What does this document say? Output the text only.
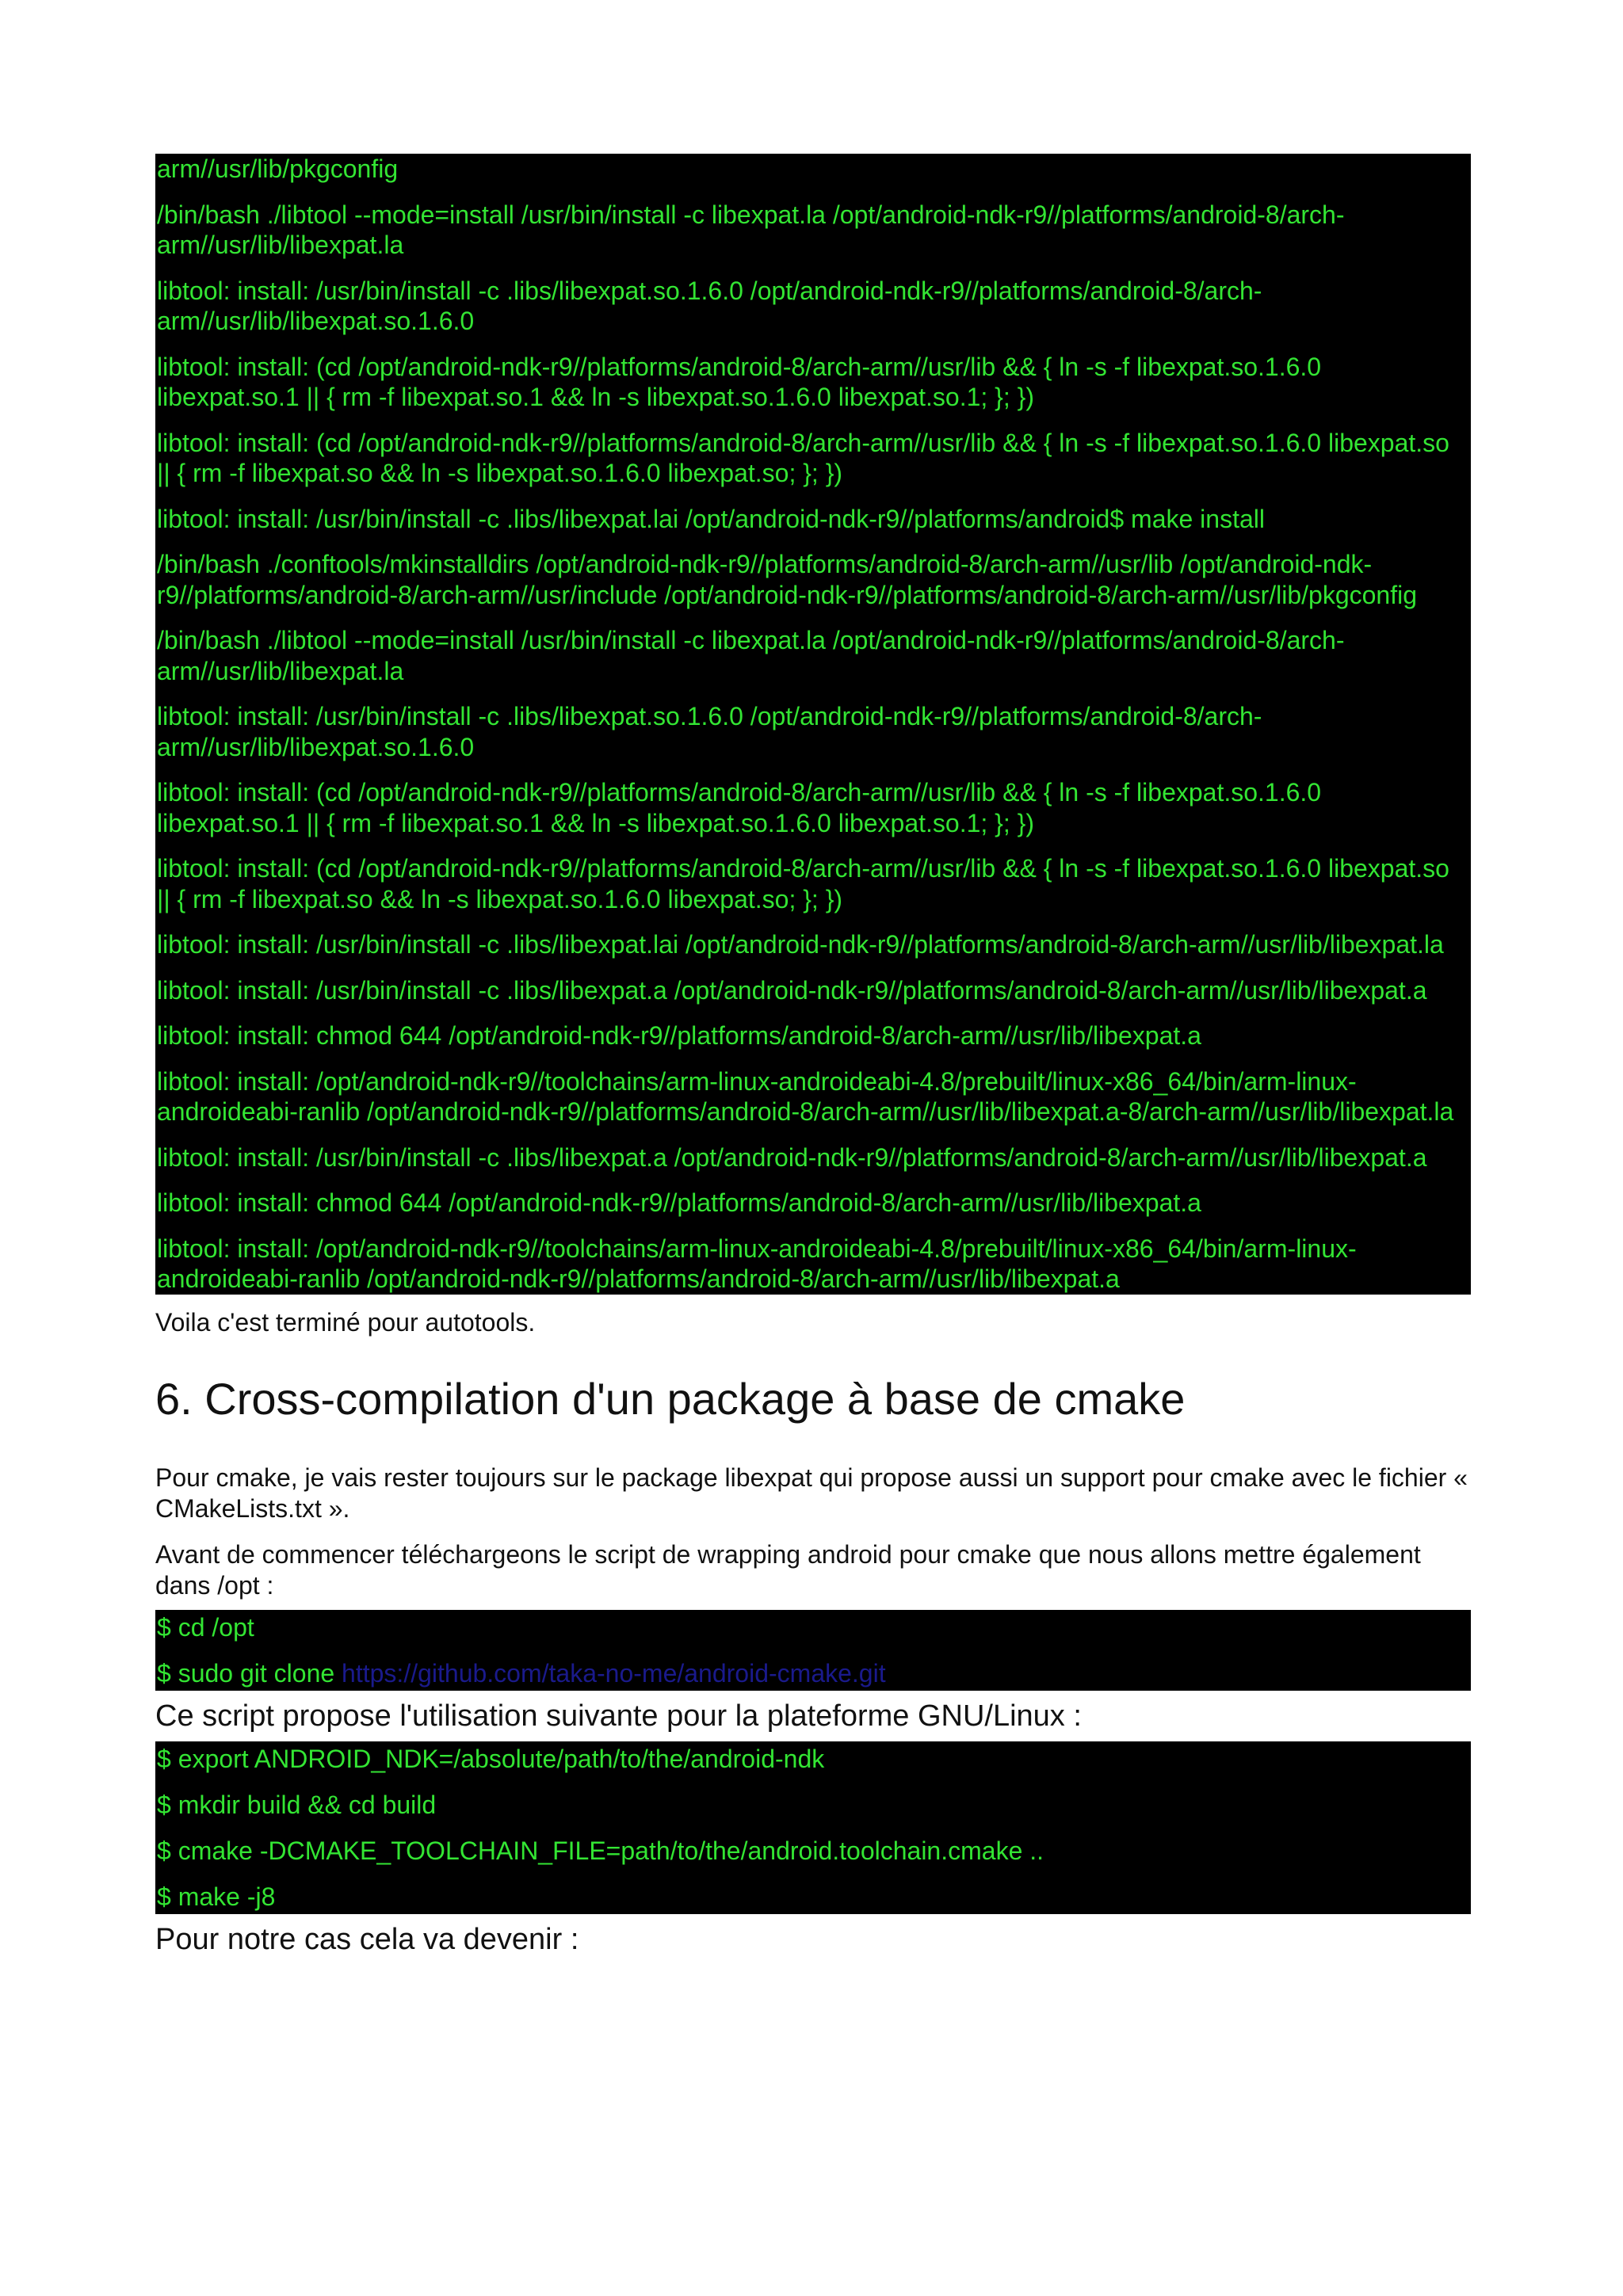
arm//usr/lib/pkgconfig

/bin/bash ./libtool --mode=install /usr/bin/install -c libexpat.la /opt/android-ndk-r9//platforms/android-8/arch-arm//usr/lib/libexpat.la

libtool: install: /usr/bin/install -c .libs/libexpat.so.1.6.0 /opt/android-ndk-r9//platforms/android-8/arch-arm//usr/lib/libexpat.so.1.6.0

libtool: install: (cd /opt/android-ndk-r9//platforms/android-8/arch-arm//usr/lib && { ln -s -f libexpat.so.1.6.0 libexpat.so.1 || { rm -f libexpat.so.1 && ln -s libexpat.so.1.6.0 libexpat.so.1; }; })

libtool: install: (cd /opt/android-ndk-r9//platforms/android-8/arch-arm//usr/lib && { ln -s -f libexpat.so.1.6.0 libexpat.so || { rm -f libexpat.so && ln -s libexpat.so.1.6.0 libexpat.so; }; })

libtool: install: /usr/bin/install -c .libs/libexpat.lai /opt/android-ndk-r9//platforms/android$ make install

/bin/bash ./conftools/mkinstalldirs /opt/android-ndk-r9//platforms/android-8/arch-arm//usr/lib /opt/android-ndk-r9//platforms/android-8/arch-arm//usr/include /opt/android-ndk-r9//platforms/android-8/arch-arm//usr/lib/pkgconfig

/bin/bash ./libtool --mode=install /usr/bin/install -c libexpat.la /opt/android-ndk-r9//platforms/android-8/arch-arm//usr/lib/libexpat.la

libtool: install: /usr/bin/install -c .libs/libexpat.so.1.6.0 /opt/android-ndk-r9//platforms/android-8/arch-arm//usr/lib/libexpat.so.1.6.0

libtool: install: (cd /opt/android-ndk-r9//platforms/android-8/arch-arm//usr/lib && { ln -s -f libexpat.so.1.6.0 libexpat.so.1 || { rm -f libexpat.so.1 && ln -s libexpat.so.1.6.0 libexpat.so.1; }; })

libtool: install: (cd /opt/android-ndk-r9//platforms/android-8/arch-arm//usr/lib && { ln -s -f libexpat.so.1.6.0 libexpat.so || { rm -f libexpat.so && ln -s libexpat.so.1.6.0 libexpat.so; }; })

libtool: install: /usr/bin/install -c .libs/libexpat.lai /opt/android-ndk-r9//platforms/android-8/arch-arm//usr/lib/libexpat.la

libtool: install: /usr/bin/install -c .libs/libexpat.a /opt/android-ndk-r9//platforms/android-8/arch-arm//usr/lib/libexpat.a

libtool: install: chmod 644 /opt/android-ndk-r9//platforms/android-8/arch-arm//usr/lib/libexpat.a

libtool: install: /opt/android-ndk-r9//toolchains/arm-linux-androideabi-4.8/prebuilt/linux-x86_64/bin/arm-linux-androideabi-ranlib /opt/android-ndk-r9//platforms/android-8/arch-arm//usr/lib/libexpat.a-8/arch-arm//usr/lib/libexpat.la

libtool: install: /usr/bin/install -c .libs/libexpat.a /opt/android-ndk-r9//platforms/android-8/arch-arm//usr/lib/libexpat.a

libtool: install: chmod 644 /opt/android-ndk-r9//platforms/android-8/arch-arm//usr/lib/libexpat.a

libtool: install: /opt/android-ndk-r9//toolchains/arm-linux-androideabi-4.8/prebuilt/linux-x86_64/bin/arm-linux-androideabi-ranlib /opt/android-ndk-r9//platforms/android-8/arch-arm//usr/lib/libexpat.a

Voila c'est terminé pour autotools.

6. Cross-compilation d'un package à base de cmake

Pour cmake, je vais rester toujours sur le package libexpat qui propose aussi un support pour cmake avec le fichier « CMakeLists.txt ».

Avant de commencer téléchargeons le script de wrapping android pour cmake que nous allons mettre également dans /opt :

$ cd /opt

$ sudo git clone https://github.com/taka-no-me/android-cmake.git

Ce script propose l'utilisation suivante pour la plateforme GNU/Linux :

$ export ANDROID_NDK=/absolute/path/to/the/android-ndk

$ mkdir build && cd build

$ cmake -DCMAKE_TOOLCHAIN_FILE=path/to/the/android.toolchain.cmake ..

$ make -j8

Pour notre cas cela va devenir :
